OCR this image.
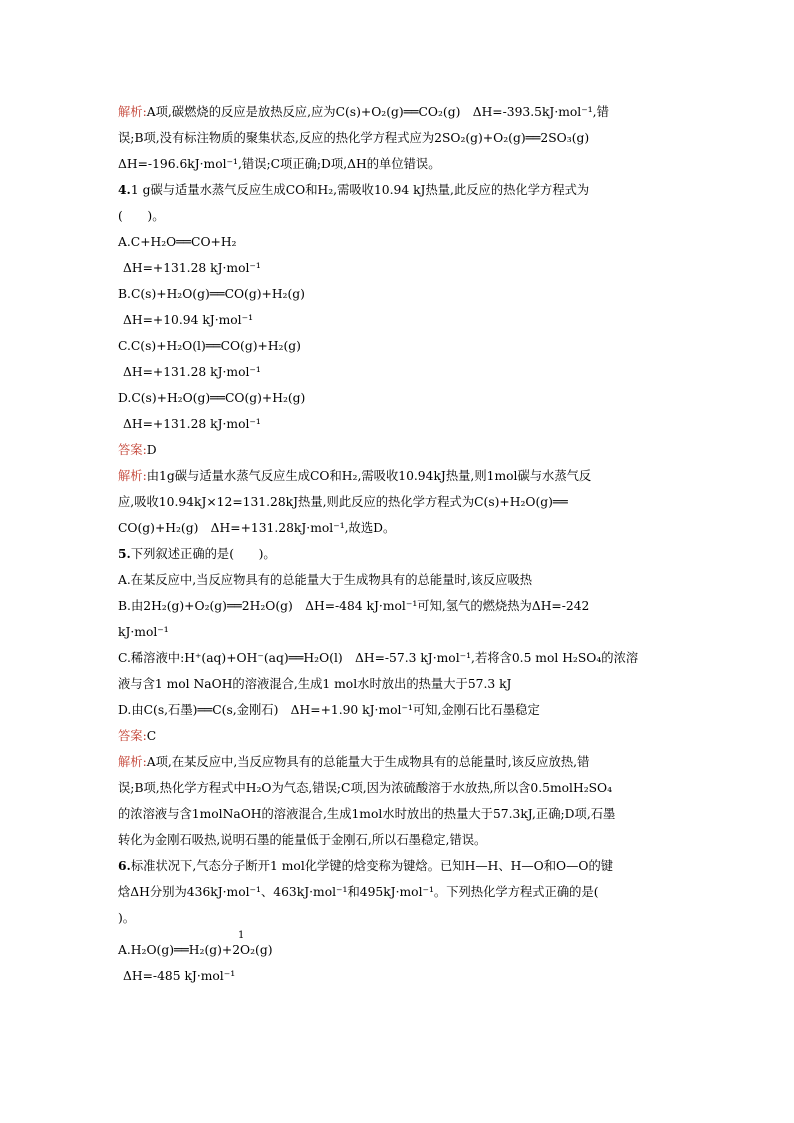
解析:A项,碳燃烧的反应是放热反应,应为C(s)+O₂(g)══CO₂(g)　ΔH=-393.5kJ·mol⁻¹,错
误;B项,没有标注物质的聚集状态,反应的热化学方程式应为2SO₂(g)+O₂(g)══2SO₃(g)
ΔH=-196.6kJ·mol⁻¹,错误;C项正确;D项,ΔH的单位错误。
4.1 g碳与适量水蒸气反应生成CO和H₂,需吸收10.94 kJ热量,此反应的热化学方程式为
(　　)。
A.C+H₂O══CO+H₂
ΔH=+131.28 kJ·mol⁻¹
B.C(s)+H₂O(g)══CO(g)+H₂(g)
ΔH=+10.94 kJ·mol⁻¹
C.C(s)+H₂O(l)══CO(g)+H₂(g)
ΔH=+131.28 kJ·mol⁻¹
D.C(s)+H₂O(g)══CO(g)+H₂(g)
ΔH=+131.28 kJ·mol⁻¹
答案:D
解析:由1g碳与适量水蒸气反应生成CO和H₂,需吸收10.94kJ热量,则1mol碳与水蒸气反
应,吸收10.94kJ×12=131.28kJ热量,则此反应的热化学方程式为C(s)+H₂O(g)══
CO(g)+H₂(g)　ΔH=+131.28kJ·mol⁻¹,故选D。
5.下列叙述正确的是(　　)。
A.在某反应中,当反应物具有的总能量大于生成物具有的总能量时,该反应吸热
B.由2H₂(g)+O₂(g)══2H₂O(g)　ΔH=-484 kJ·mol⁻¹可知,氢气的燃烧热为ΔH=-242
kJ·mol⁻¹
C.稀溶液中:H⁺(aq)+OH⁻(aq)══H₂O(l)　ΔH=-57.3 kJ·mol⁻¹,若将含0.5 mol H₂SO₄的浓溶
液与含1 mol NaOH的溶液混合,生成1 mol水时放出的热量大于57.3 kJ
D.由C(s,石墨)══C(s,金刚石)　ΔH=+1.90 kJ·mol⁻¹可知,金刚石比石墨稳定
答案:C
解析:A项,在某反应中,当反应物具有的总能量大于生成物具有的总能量时,该反应放热,错
误;B项,热化学方程式中H₂O为气态,错误;C项,因为浓硫酸溶于水放热,所以含0.5molH₂SO₄
的浓溶液与含1molNaOH的溶液混合,生成1mol水时放出的热量大于57.3kJ,正确;D项,石墨
转化为金刚石吸热,说明石墨的能量低于金刚石,所以石墨稳定,错误。
6.标准状况下,气态分子断开1 mol化学键的焓变称为键焓。已知H—H、H—O和O—O的键
焓ΔH分别为436kJ·mol⁻¹、463kJ·mol⁻¹和495kJ·mol⁻¹。下列热化学方程式正确的是(
)。
1
A.H₂O(g)══H₂(g)+2O₂(g)
ΔH=-485 kJ·mol⁻¹
